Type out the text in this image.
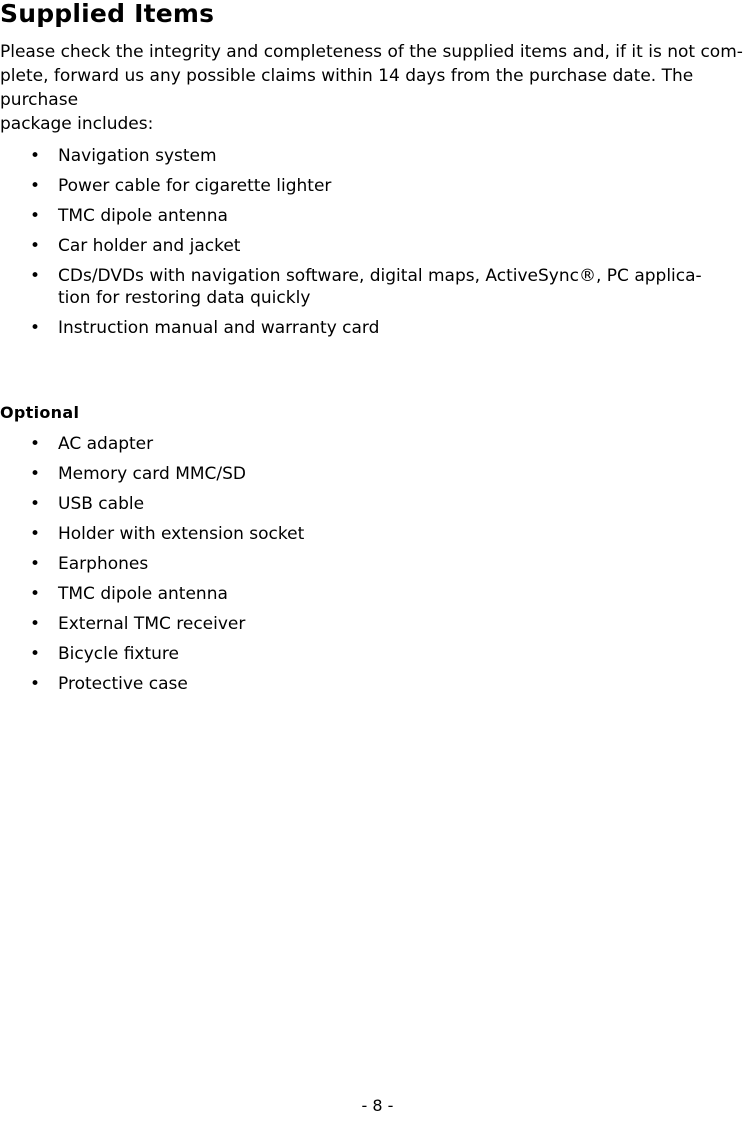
Supplied Items

Please check the integrity and completeness of the supplied items and, if it is not com-
plete, forward us any possible claims within 14 days from the purchase date. The purchase
package includes:

• Navigation system
• Power cable for cigarette lighter
• TMC dipole antenna
• Car holder and jacket
• CDs/DVDs with navigation software, digital maps, ActiveSync®, PC applica-
tion for restoring data quickly
• Instruction manual and warranty card
Optional
• AC adapter
• Memory card MMC/SD
• USB cable
• Holder with extension socket
• Earphones
• TMC dipole antenna
• External TMC receiver
• Bicycle fixture
• Protective case
- 8 -
